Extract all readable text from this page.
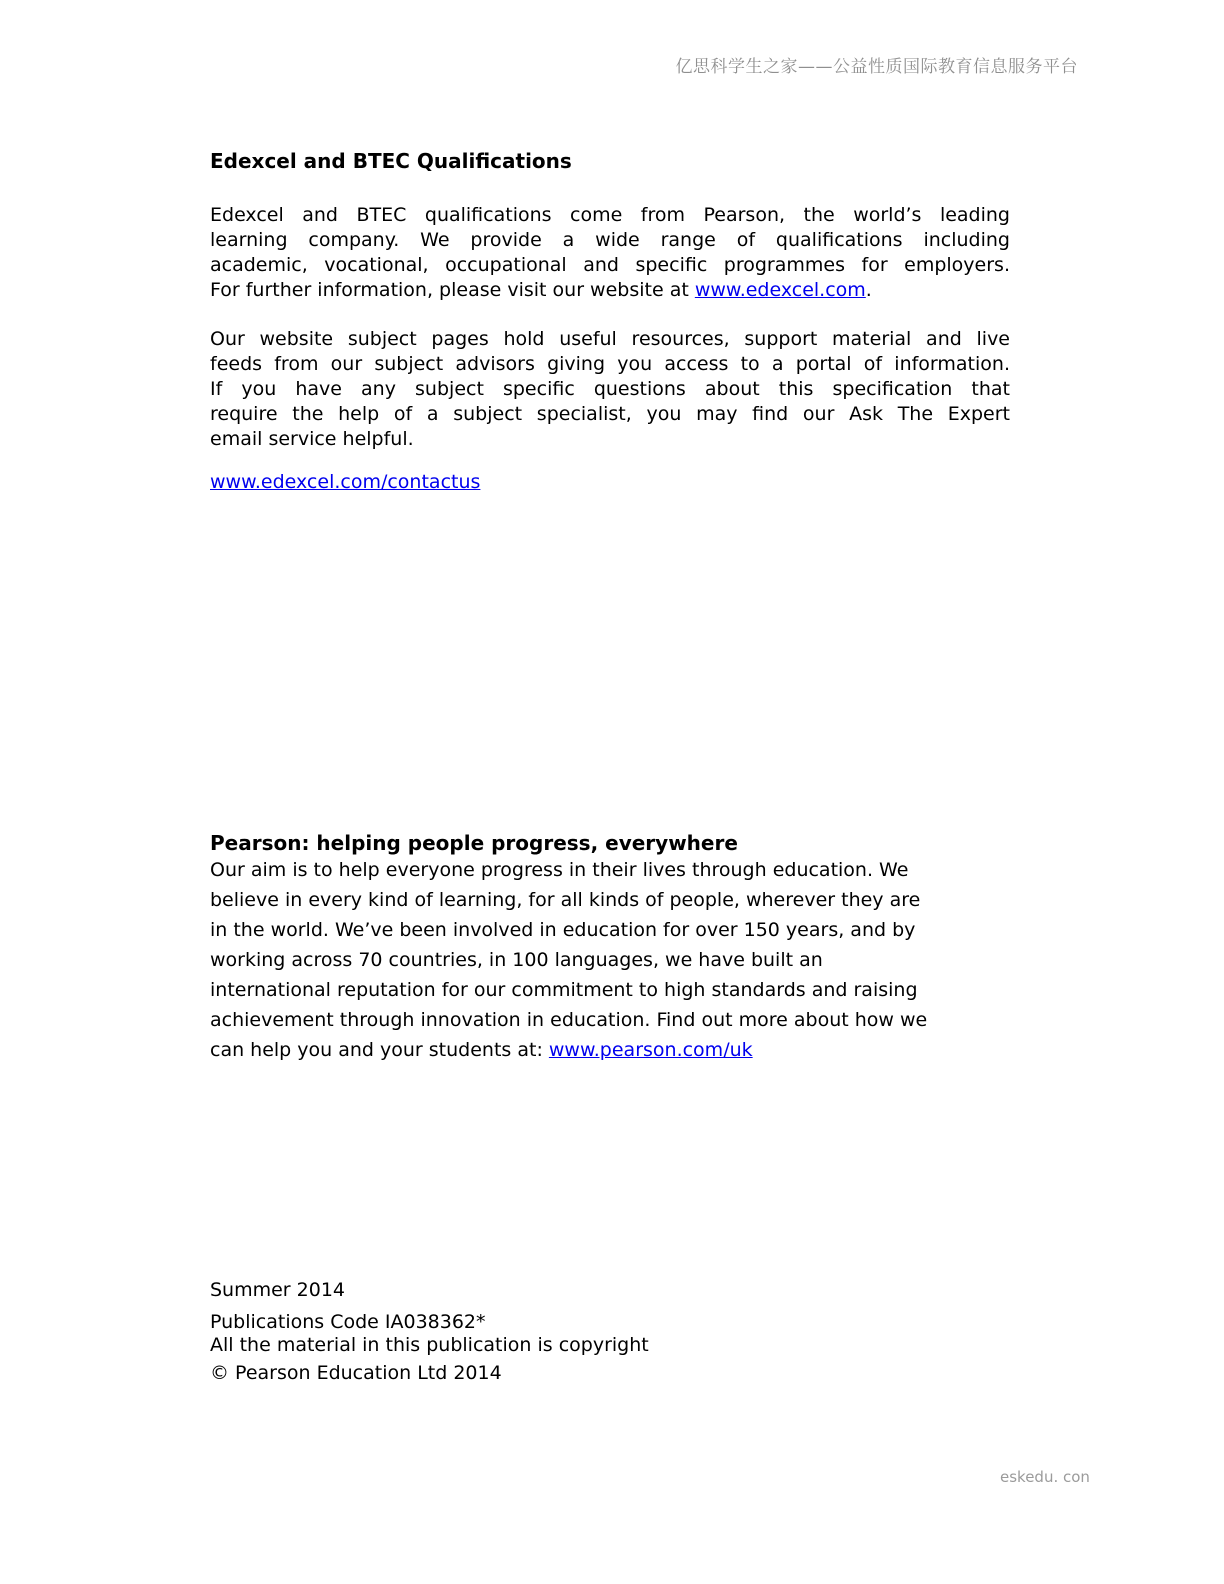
亿思科学生之家——公益性质国际教育信息服务平台
Edexcel and BTEC Qualifications
Edexcel and BTEC qualifications come from Pearson, the world’s leading
learning company. We provide a wide range of qualifications including
academic, vocational, occupational and specific programmes for employers.
For further information, please visit our website at www.edexcel.com.
Our website subject pages hold useful resources, support material and live
feeds from our subject advisors giving you access to a portal of information.
If you have any subject specific questions about this specification that
require the help of a subject specialist, you may find our Ask The Expert
email service helpful.
www.edexcel.com/contactus
Pearson: helping people progress, everywhere
Our aim is to help everyone progress in their lives through education. We
believe in every kind of learning, for all kinds of people, wherever they are
in the world. We’ve been involved in education for over 150 years, and by
working across 70 countries, in 100 languages, we have built an
international reputation for our commitment to high standards and raising
achievement through innovation in education. Find out more about how we
can help you and your students at: www.pearson.com/uk

Summer 2014

Publications Code IA038362*

All the material in this publication is copyright

© Pearson Education Ltd 2014

eskedu. con
